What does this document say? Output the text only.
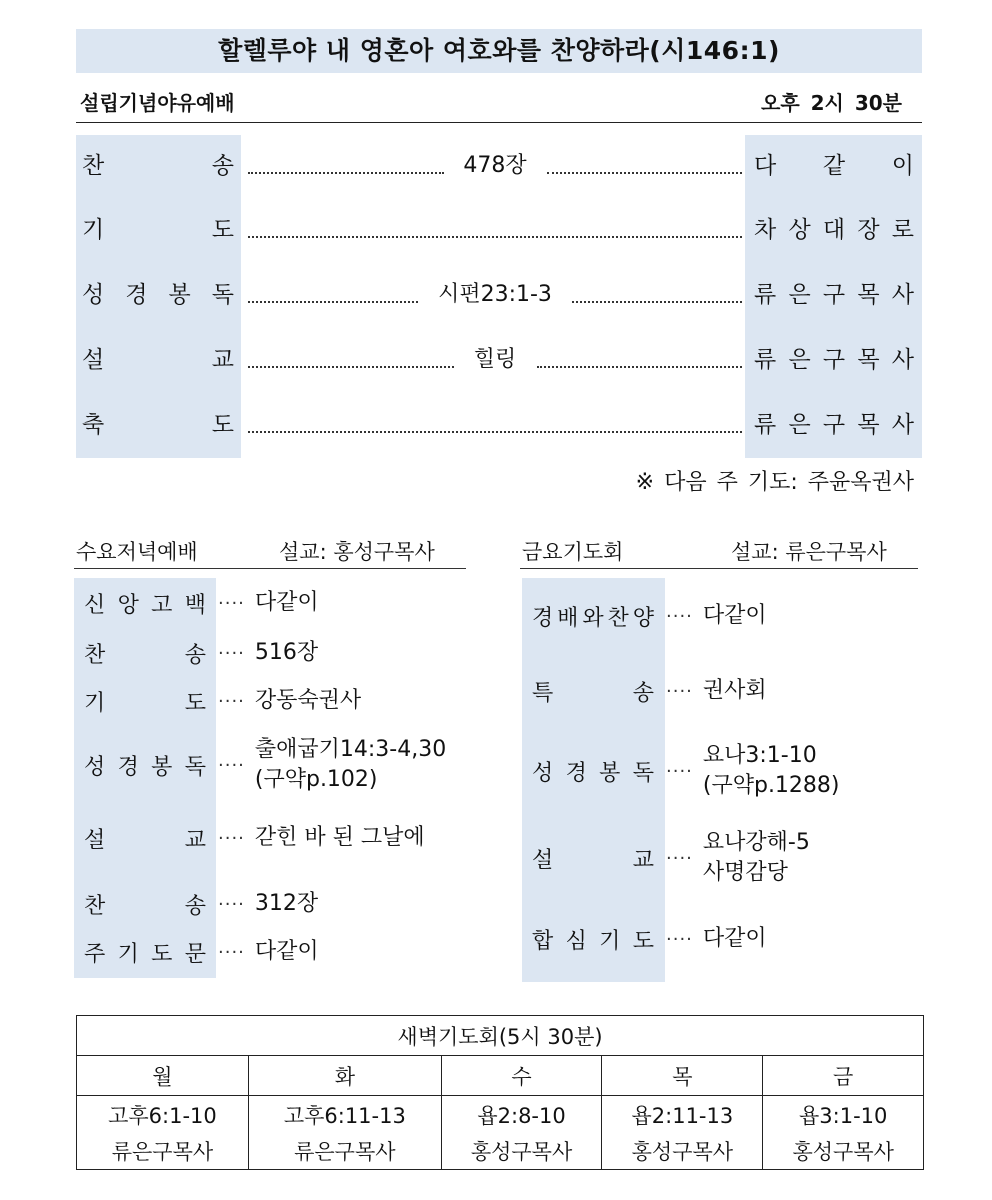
할렐루야 내 영혼아 여호와를 찬양하라(시146:1)
설립기념야유예배	오후 2시 30분
찬	송	478장	다 같 이
기	도	차 상 대 장 로
성 경 봉 독	시편23:1-3	류 은 구 목 사
설	교	힐링	류 은 구 목 사
축	도	류 은 구 목 사
※ 다음 주 기도: 주윤옥권사
수요저녁예배	설교: 홍성구목사
신 앙 고 백 ···· 다같이
찬	송 ···· 516장
기	도 ···· 강동숙권사
성 경 봉 독 ····
출애굽기14:3-4,30
(구약p.102)
설	교 ···· 갇힌 바 된 그날에
찬	송 ···· 312장
주 기 도 문 ···· 다같이
금요기도회	설교: 류은구목사
경 배 와 찬 양 ···· 다같이
특	송 ···· 권사회
성 경 봉 독 ····
요나3:1-10
(구약p.1288)
설	교 ····
요나강해-5
사명감당
합 심 기 도 ···· 다같이
새벽기도회(5시 30분)				
월	화	수	목	금
고후6:1-10	고후6:11-13	욥2:8-10	욥2:11-13	욥3:1-10
류은구목사	류은구목사	홍성구목사	홍성구목사	홍성구목사
